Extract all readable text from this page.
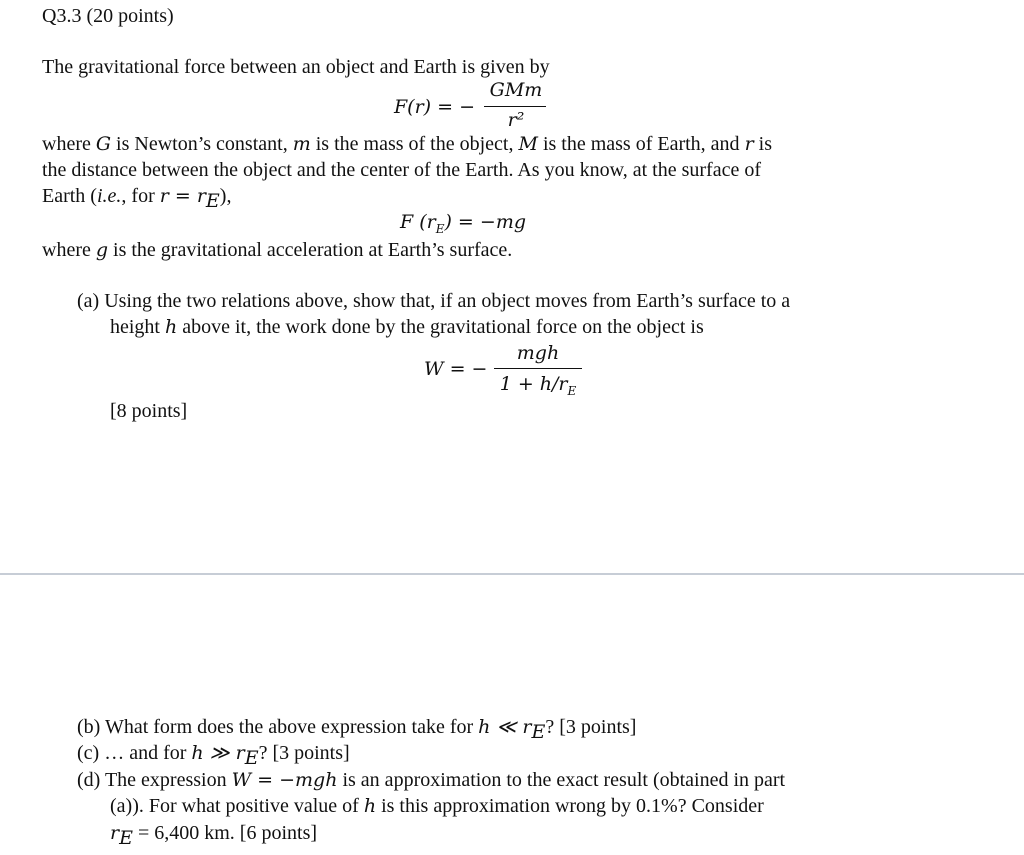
Q3.3 (20 points)
The gravitational force between an object and Earth is given by
F(r) = −
GMm
r²
where G is Newton’s constant, m is the mass of the object, M is the mass of Earth, and r is
the distance between the object and the center of the Earth. As you know, at the surface of
Earth (i.e., for $r = r_E$),
F $(r_E) = -mg$
where g is the gravitational acceleration at Earth’s surface.
(a) Using the two relations above, show that, if an object moves from Earth’s surface to a
height h above it, the work done by the gravitational force on the object is
W = −
mgh
$1 + h/r_E$
[8 points]
(b) What form does the above expression take for h ≪ $r_E$? [3 points]
(c) … and for h ≫ $r_E$? [3 points]
(d) The expression W = −mgh is an approximation to the exact result (obtained in part
(a)). For what positive value of h is this approximation wrong by 0.1%? Consider
$r_E = 6,400$ km. [6 points]
